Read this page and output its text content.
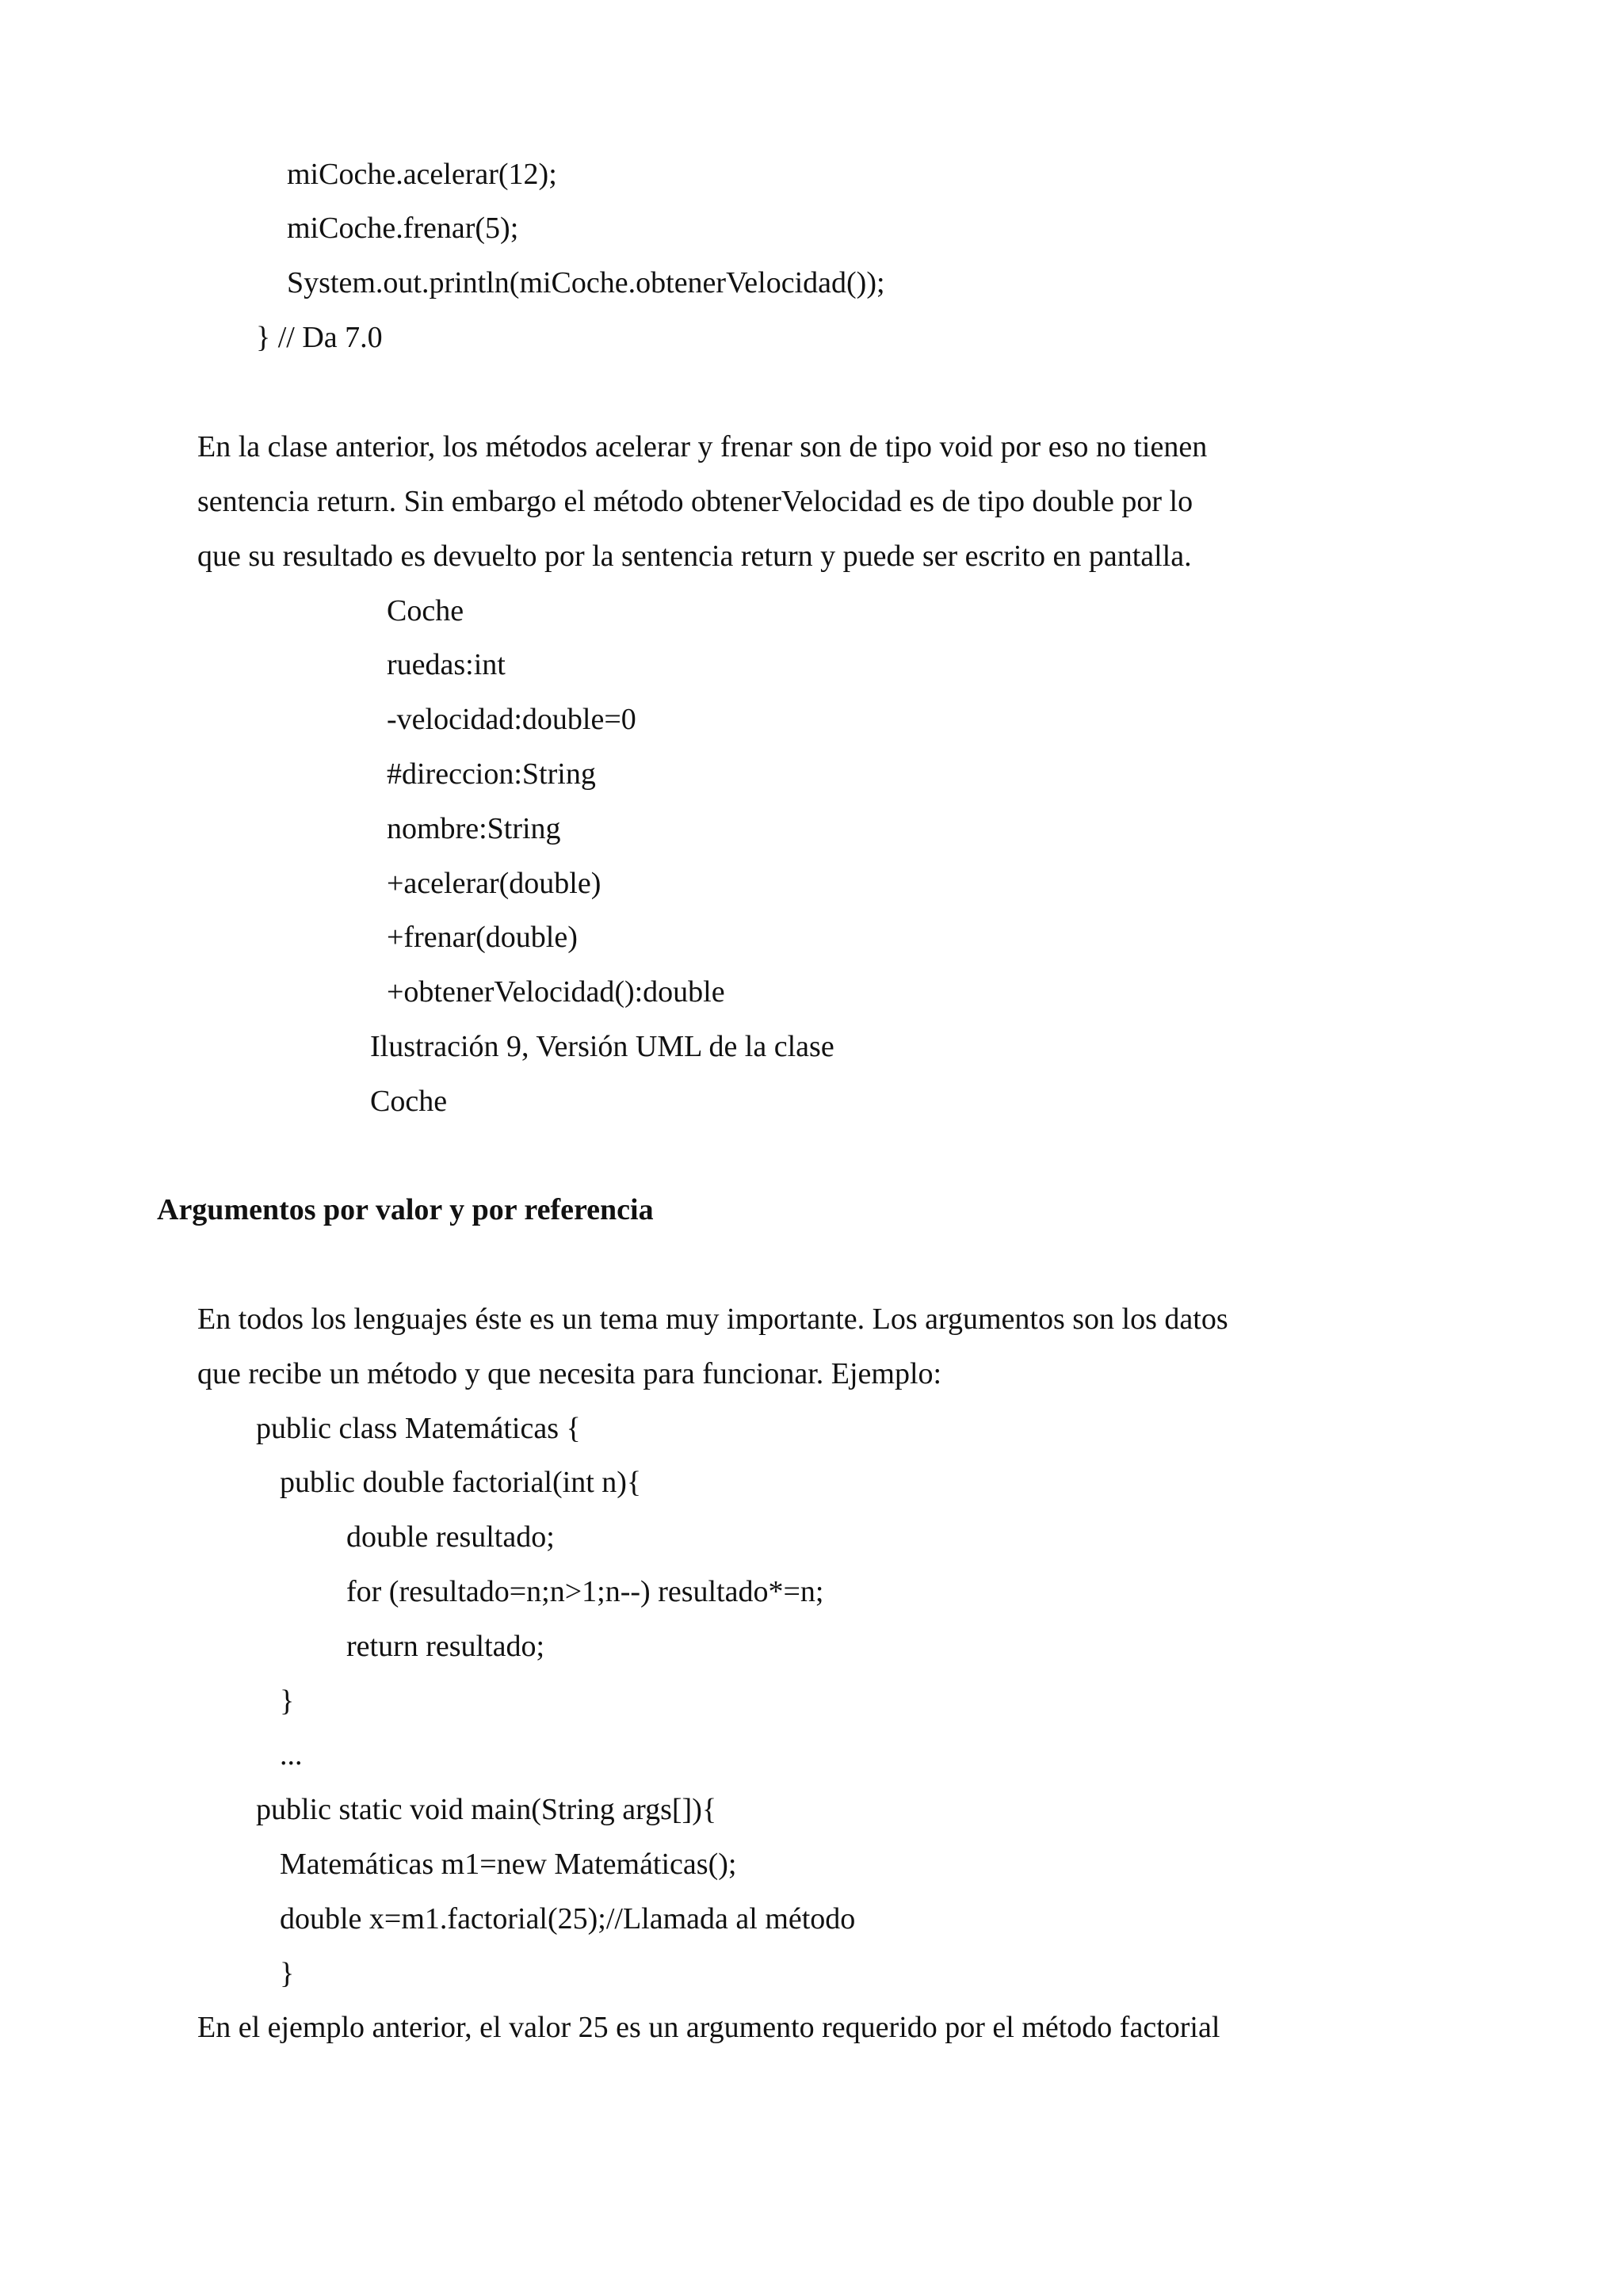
miCoche.acelerar(12);

miCoche.frenar(5);

System.out.println(miCoche.obtenerVelocidad());

} // Da 7.0

En la clase anterior, los métodos acelerar y frenar son de tipo void por eso no tienen

sentencia return. Sin embargo el método obtenerVelocidad es de tipo double por lo

que su resultado es devuelto por la sentencia return y puede ser escrito en pantalla.

Coche

ruedas:int

-velocidad:double=0

#direccion:String

nombre:String

+acelerar(double)

+frenar(double)

+obtenerVelocidad():double

Ilustración 9, Versión UML de la clase

Coche

Argumentos por valor y por referencia

En todos los lenguajes éste es un tema muy importante. Los argumentos son los datos

que recibe un método y que necesita para funcionar. Ejemplo:

public class Matemáticas {

public double factorial(int n){

double resultado;

for (resultado=n;n>1;n--) resultado*=n;

return resultado;

}

...

public static void main(String args[]){

Matemáticas m1=new Matemáticas();

double x=m1.factorial(25);//Llamada al método

}

En el ejemplo anterior, el valor 25 es un argumento requerido por el método factorial
